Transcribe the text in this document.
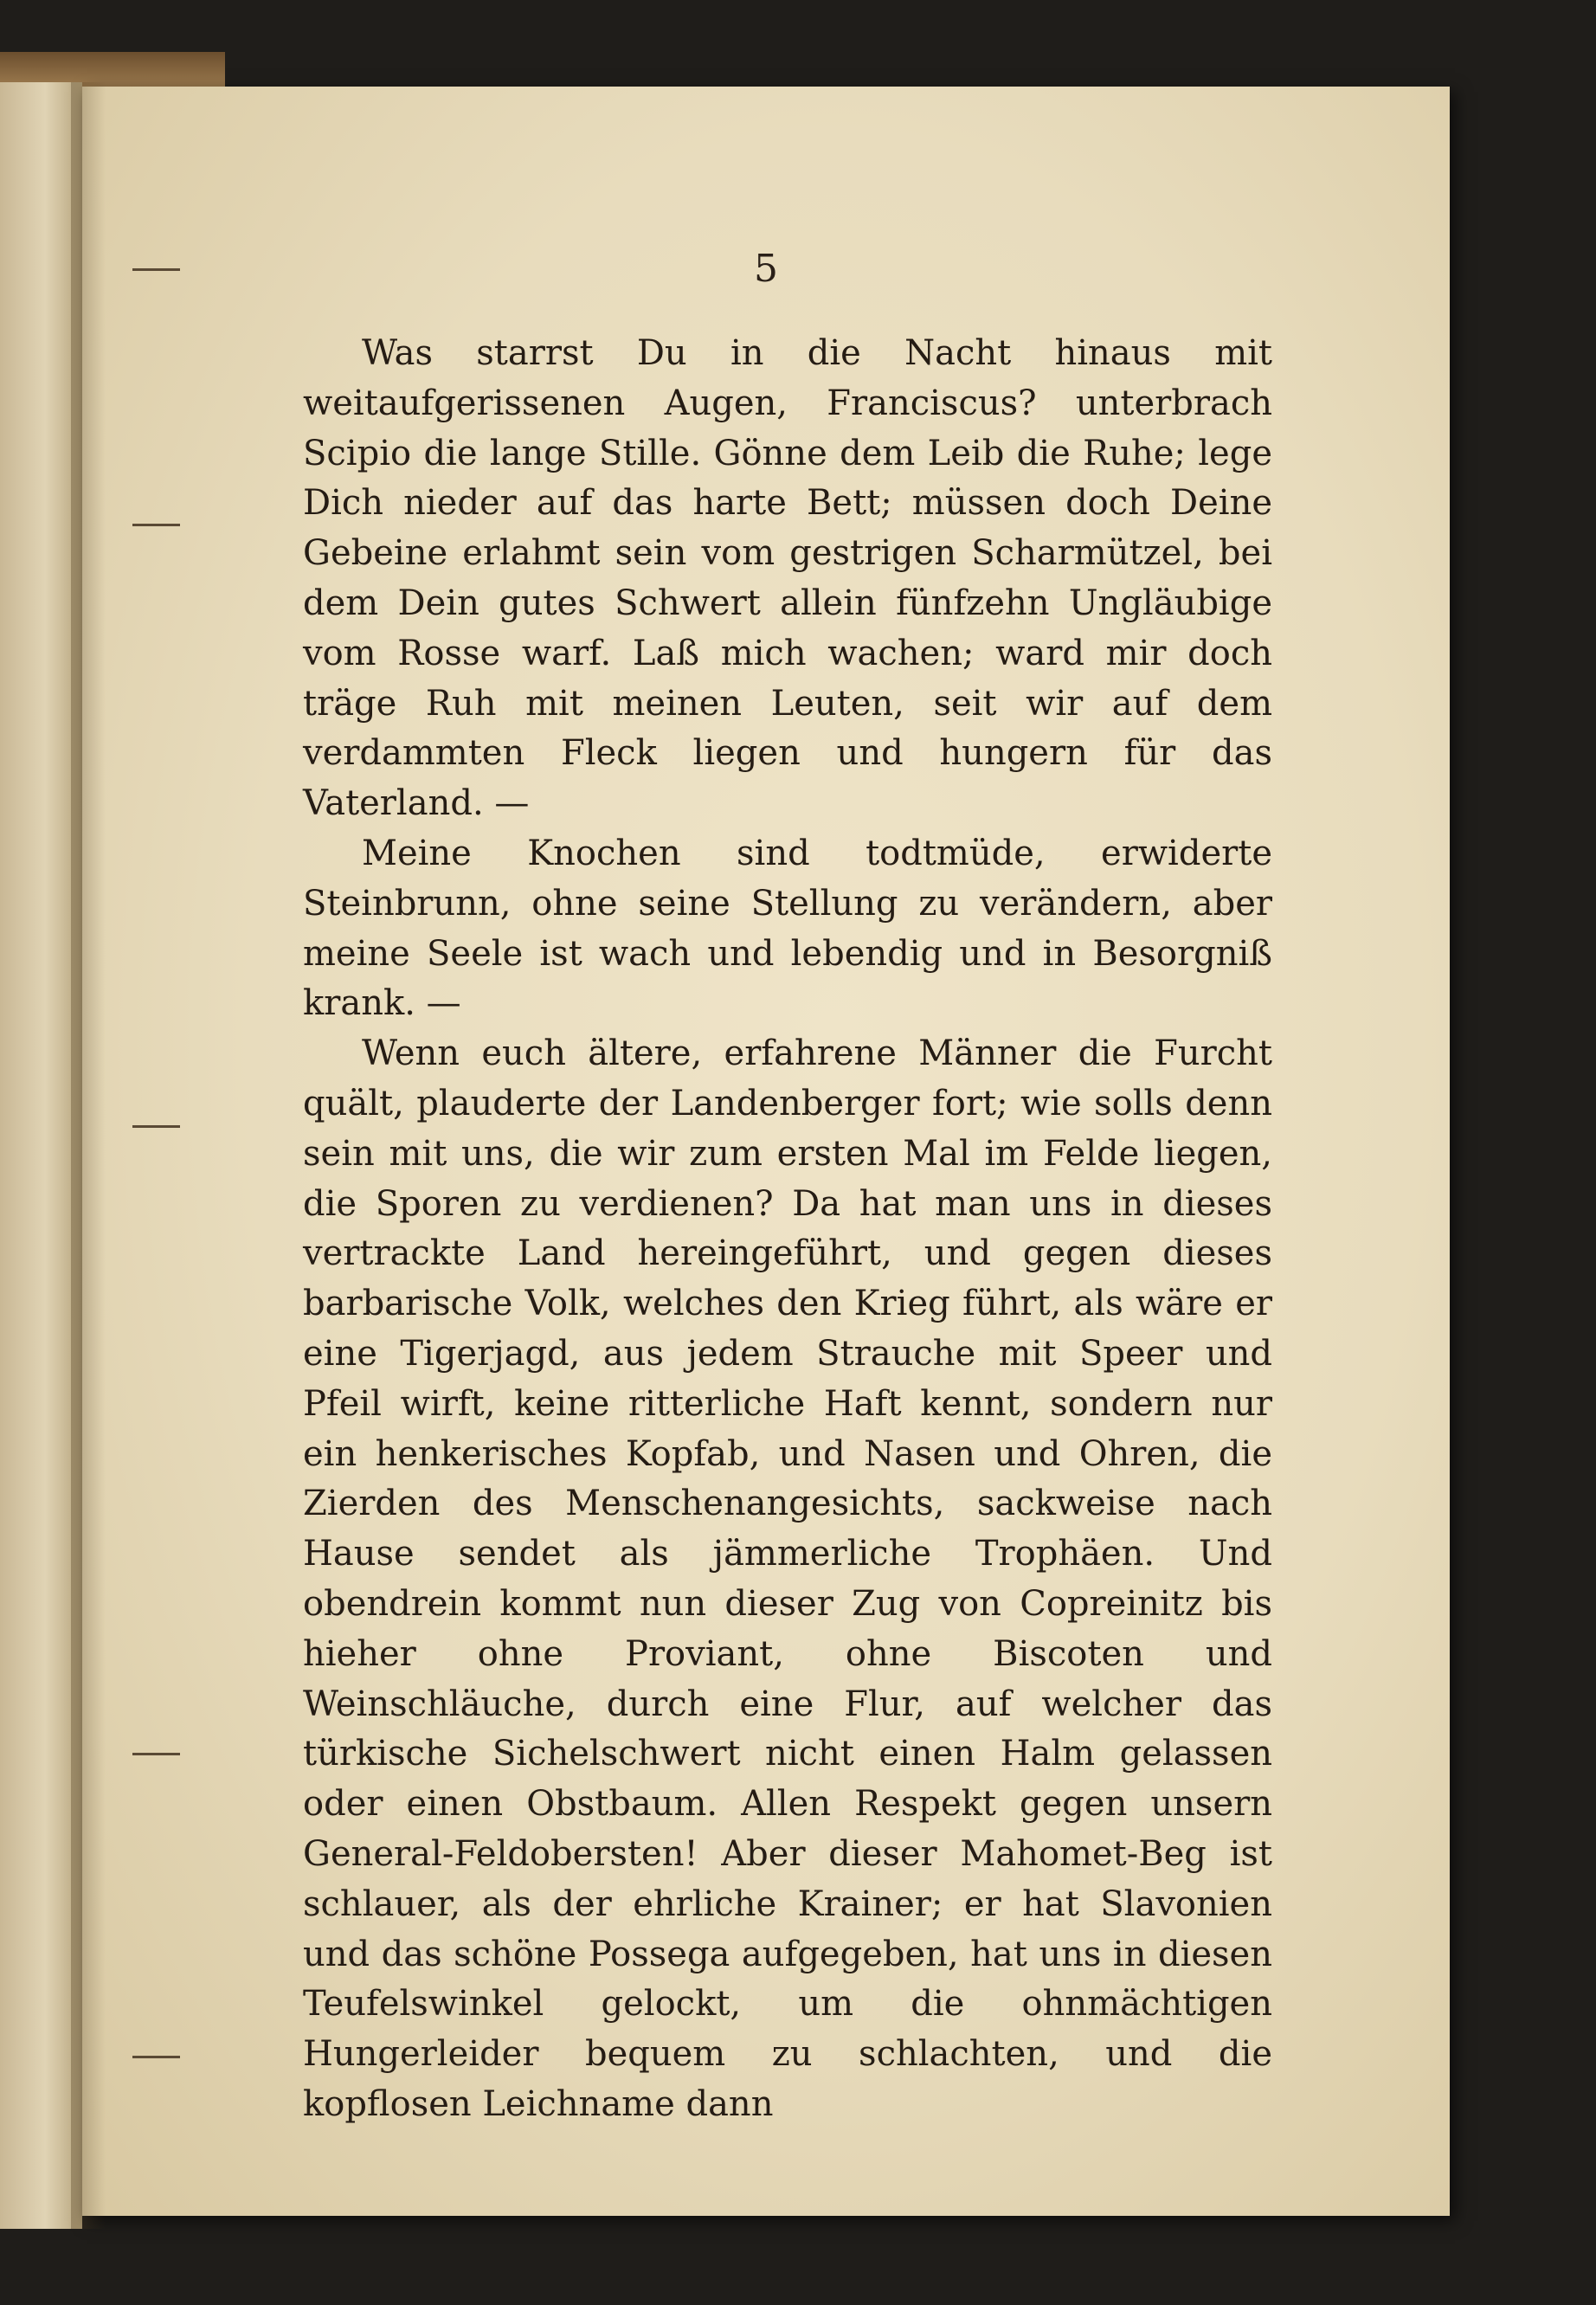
5

Was starrst Du in die Nacht hinaus mit weitaufgerissenen Augen, Franciscus? unterbrach Scipio die lange Stille. Gönne dem Leib die Ruhe; lege Dich nieder auf das harte Bett; müssen doch Deine Gebeine erlahmt sein vom gestrigen Scharmützel, bei dem Dein gutes Schwert allein fünfzehn Ungläubige vom Rosse warf. Laß mich wachen; ward mir doch träge Ruh mit meinen Leuten, seit wir auf dem verdammten Fleck liegen und hungern für das Vaterland. —

Meine Knochen sind todtmüde, erwiderte Steinbrunn, ohne seine Stellung zu verändern, aber meine Seele ist wach und lebendig und in Besorgniß krank. —

Wenn euch ältere, erfahrene Männer die Furcht quält, plauderte der Landenberger fort; wie solls denn sein mit uns, die wir zum ersten Mal im Felde liegen, die Sporen zu verdienen? Da hat man uns in dieses vertrackte Land hereingeführt, und gegen dieses barbarische Volk, welches den Krieg führt, als wäre er eine Tigerjagd, aus jedem Strauche mit Speer und Pfeil wirft, keine ritterliche Haft kennt, sondern nur ein henkerisches Kopfab, und Nasen und Ohren, die Zierden des Menschenangesichts, sackweise nach Hause sendet als jämmerliche Trophäen. Und obendrein kommt nun dieser Zug von Copreinitz bis hieher ohne Proviant, ohne Biscoten und Weinschläuche, durch eine Flur, auf welcher das türkische Sichelschwert nicht einen Halm gelassen oder einen Obstbaum. Allen Respekt gegen unsern General-Feldobersten! Aber dieser Mahomet-Beg ist schlauer, als der ehrliche Krainer; er hat Slavonien und das schöne Possega aufgegeben, hat uns in diesen Teufelswinkel gelockt, um die ohnmächtigen Hungerleider bequem zu schlachten, und die kopflosen Leichname dann
